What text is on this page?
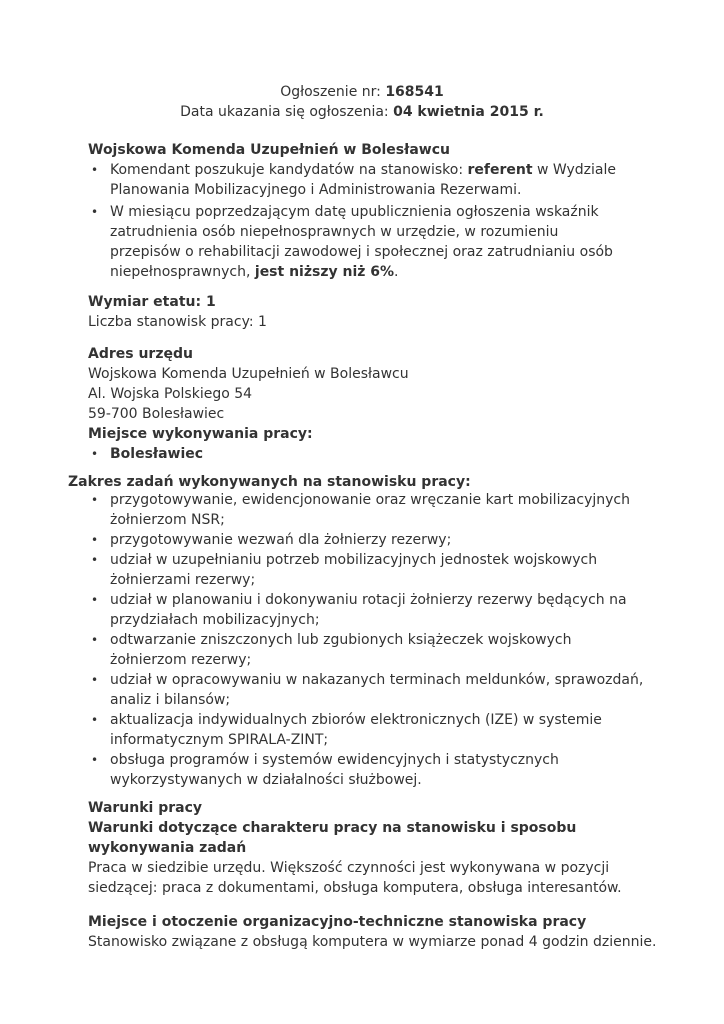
Ogłoszenie nr: 168541
Data ukazania się ogłoszenia: 04 kwietnia 2015 r.
Wojskowa Komenda Uzupełnień w Bolesławcu
• Komendant poszukuje kandydatów na stanowisko: referent w Wydziale Planowania Mobilizacyjnego i Administrowania Rezerwami.
• W miesiącu poprzedzającym datę upublicznienia ogłoszenia wskaźnik zatrudnienia osób niepełnosprawnych w urzędzie, w rozumieniu przepisów o rehabilitacji zawodowej i społecznej oraz zatrudnianiu osób niepełnosprawnych, jest niższy niż 6%.
Wymiar etatu: 1
Liczba stanowisk pracy: 1
Adres urzędu
Wojskowa Komenda Uzupełnień w Bolesławcu
Al. Wojska Polskiego 54
59-700 Bolesławiec
Miejsce wykonywania pracy:
• Bolesławiec
Zakres zadań wykonywanych na stanowisku pracy:
• przygotowywanie, ewidencjonowanie oraz wręczanie kart mobilizacyjnych żołnierzom NSR;
• przygotowywanie wezwań dla żołnierzy rezerwy;
• udział w uzupełnianiu potrzeb mobilizacyjnych jednostek wojskowych żołnierzami rezerwy;
• udział w planowaniu i dokonywaniu rotacji żołnierzy rezerwy będących na przydziałach mobilizacyjnych;
• odtwarzanie zniszczonych lub zgubionych książeczek wojskowych żołnierzom rezerwy;
• udział w opracowywaniu w nakazanych terminach meldunków, sprawozdań, analiz i bilansów;
• aktualizacja indywidualnych zbiorów elektronicznych (IZE) w systemie informatycznym SPIRALA-ZINT;
• obsługa programów i systemów ewidencyjnych i statystycznych wykorzystywanych w działalności służbowej.
Warunki pracy
Warunki dotyczące charakteru pracy na stanowisku i sposobu wykonywania zadań
Praca w siedzibie urzędu. Większość czynności jest wykonywana w pozycji siedzącej: praca z dokumentami, obsługa komputera, obsługa interesantów.
Miejsce i otoczenie organizacyjno-techniczne stanowiska pracy
Stanowisko związane z obsługą komputera w wymiarze ponad 4 godzin dziennie.
